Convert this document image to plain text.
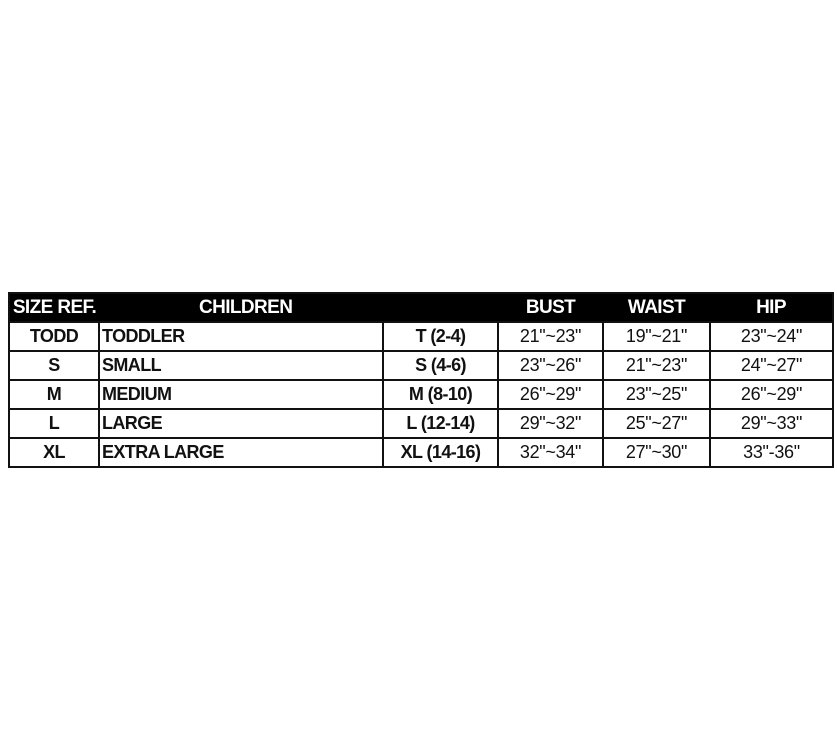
SIZE REF.	CHILDREN		BUST	WAIST	HIP
TODD	TODDLER	T (2-4)	21"~23"	19"~21"	23"~24"
S	SMALL	S (4-6)	23"~26"	21"~23"	24"~27"
M	MEDIUM	M (8-10)	26"~29"	23"~25"	26"~29"
L	LARGE	L (12-14)	29"~32"	25"~27"	29"~33"
XL	EXTRA LARGE	XL (14-16)	32"~34"	27"~30"	33"-36"
